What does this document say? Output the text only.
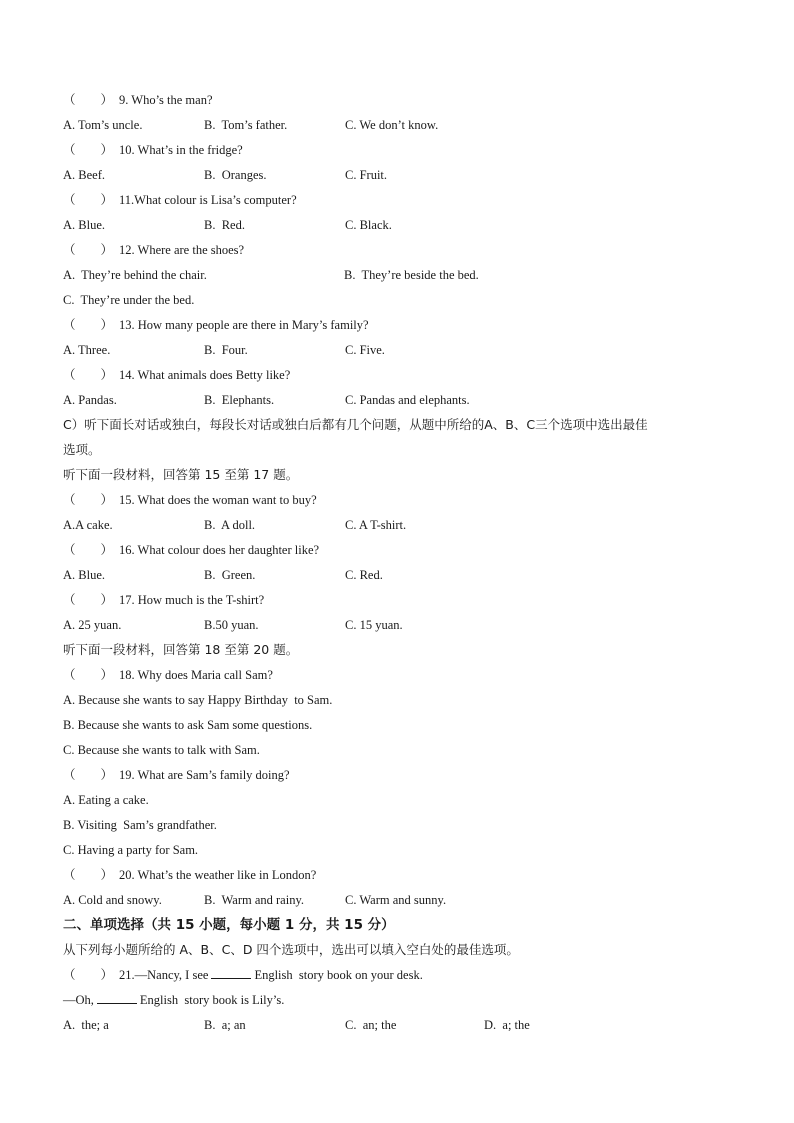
（        ） 9. Who’s the man?
A. Tom’s uncle.	B.  Tom’s father.	C. We don’t know.
（        ） 10. What’s in the fridge?
A. Beef.	B.  Oranges.	C. Fruit.
（        ） 11.What colour is Lisa’s computer?
A. Blue.	B.  Red.	C. Black.
（        ） 12. Where are the shoes?
A.  They’re behind the chair.	B.  They’re beside the bed.
C.  They’re under the bed.
（        ） 13. How many people are there in Mary’s family?
A. Three.	B.  Four.	C. Five.
（        ） 14. What animals does Betty like?
A. Pandas.	B.  Elephants.	C. Pandas and elephants.
C）听下面长对话或独白，每段长对话或独白后都有几个问题，从题中所给的A、B、C三个选项中选出最佳
选项。
听下面一段材料，回答第 15 至第 17 题。
（        ） 15. What does the woman want to buy?
A.A cake.	B.  A doll.	C. A T-shirt.
（        ） 16. What colour does her daughter like?
A. Blue.	B.  Green.	C. Red.
（        ） 17. How much is the T-shirt?
A. 25 yuan.	B.50 yuan.	C. 15 yuan.
听下面一段材料，回答第 18 至第 20 题。
（        ） 18. Why does Maria call Sam?
A. Because she wants to say Happy Birthday  to Sam.
B. Because she wants to ask Sam some questions.
C. Because she wants to talk with Sam.
（        ） 19. What are Sam’s family doing?
A. Eating a cake.
B. Visiting  Sam’s grandfather.
C. Having a party for Sam.
（        ） 20. What’s the weather like in London?
A. Cold and snowy.	B.  Warm and rainy.	C. Warm and sunny.
二、单项选择（共 15 小题，每小题 1 分，共 15 分）
从下列每小题所给的 A、B、C、D 四个选项中，选出可以填入空白处的最佳选项。
（        ） 21.—Nancy, I see	English  story book on your desk.
—Oh,	English  story book is Lily’s.
A.  the; a	B.  a; an	C.  an; the	D.  a; the
